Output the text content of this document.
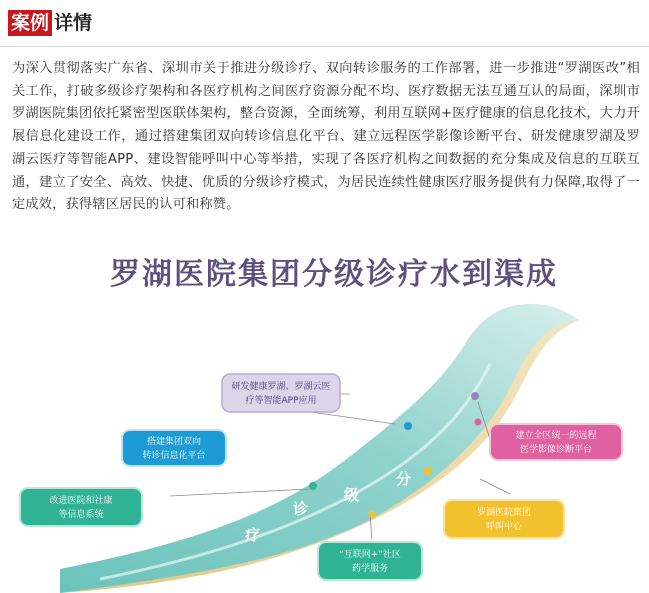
案例 详情

为深入贯彻落实广东省、深圳市关于推进分级诊疗、双向转诊服务的工作部署，进一步推进“罗湖医改”相关工作，打破多级诊疗架构和各医疗机构之间医疗资源分配不均、医疗数据无法互通互认的局面，深圳市罗湖医院集团依托紧密型医联体架构，整合资源，全面统筹，利用互联网+医疗健康的信息化技术，大力开展信息化建设工作，通过搭建集团双向转诊信息化平台、建立远程医学影像诊断平台、研发健康罗湖及罗湖云医疗等智能APP、建设智能呼叫中心等举措，实现了各医疗机构之间数据的充分集成及信息的互联互通，建立了安全、高效、快捷、优质的分级诊疗模式，为居民连续性健康医疗服务提供有力保障,取得了一定成效，获得辖区居民的认可和称赞。

罗湖医院集团分级诊疗水到渠成
疗
诊
级
分
研发健康罗湖、罗湖云医
疗等智能APP应用
搭建集团双向
转诊信息化平台
建立全区统一的远程
医学影像诊断平台
改进医院和社康
等信息系统	罗湖医院集团
呼叫中心
“互联网+”社区
药学服务
